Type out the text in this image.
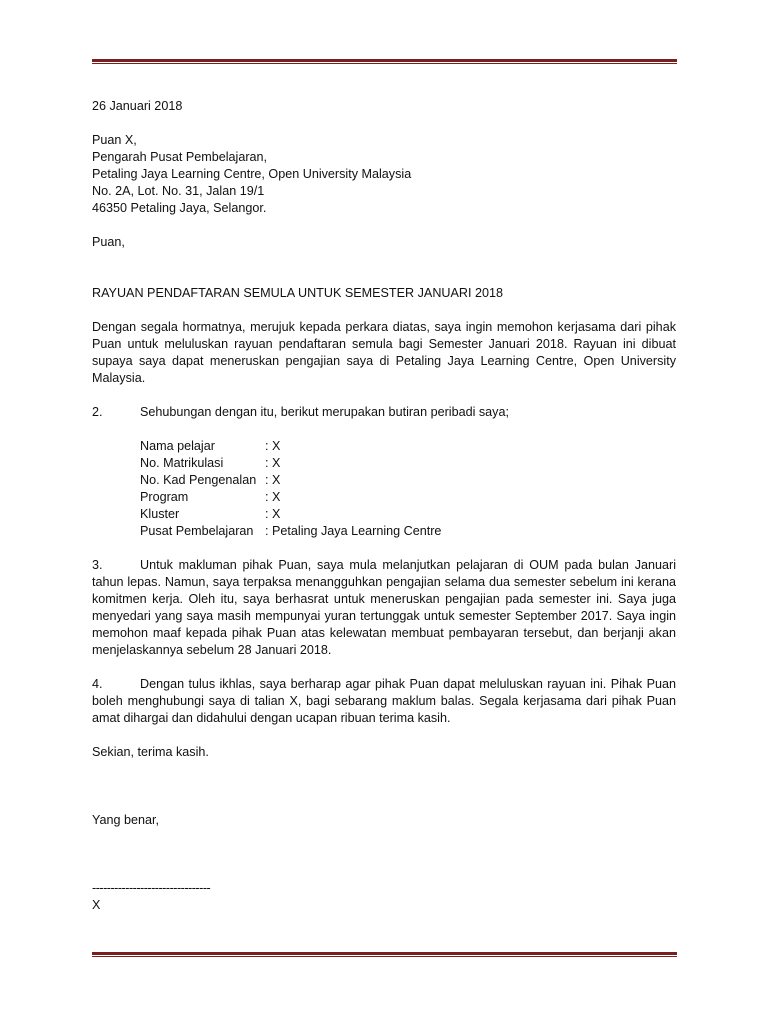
26 Januari 2018

Puan X,
Pengarah Pusat Pembelajaran,
Petaling Jaya Learning Centre, Open University Malaysia
No. 2A, Lot. No. 31, Jalan 19/1
46350 Petaling Jaya, Selangor.

Puan,

RAYUAN PENDAFTARAN SEMULA UNTUK SEMESTER JANUARI 2018

Dengan segala hormatnya, merujuk kepada perkara diatas, saya ingin memohon kerjasama dari pihak Puan untuk meluluskan rayuan pendaftaran semula bagi Semester Januari 2018. Rayuan ini dibuat supaya saya dapat meneruskan pengajian saya di Petaling Jaya Learning Centre, Open University Malaysia.

2.	Sehubungan dengan itu, berikut merupakan butiran peribadi saya;

Nama pelajar	: X
No. Matrikulasi	: X
No. Kad Pengenalan : X
Program	: X
Kluster	: X
Pusat Pembelajaran : Petaling Jaya Learning Centre

3.	Untuk makluman pihak Puan, saya mula melanjutkan pelajaran di OUM pada bulan Januari tahun lepas. Namun, saya terpaksa menangguhkan pengajian selama dua semester sebelum ini kerana komitmen kerja. Oleh itu, saya berhasrat untuk meneruskan pengajian pada semester ini. Saya juga menyedari yang saya masih mempunyai yuran tertunggak untuk semester September 2017. Saya ingin memohon maaf kepada pihak Puan atas kelewatan membuat pembayaran tersebut, dan berjanji akan menjelaskannya sebelum 28 Januari 2018.

4.	Dengan tulus ikhlas, saya berharap agar pihak Puan dapat meluluskan rayuan ini. Pihak Puan boleh menghubungi saya di talian X, bagi sebarang maklum balas. Segala kerjasama dari pihak Puan amat dihargai dan didahului dengan ucapan ribuan terima kasih.

Sekian, terima kasih.

Yang benar,

--------------------------------

X
